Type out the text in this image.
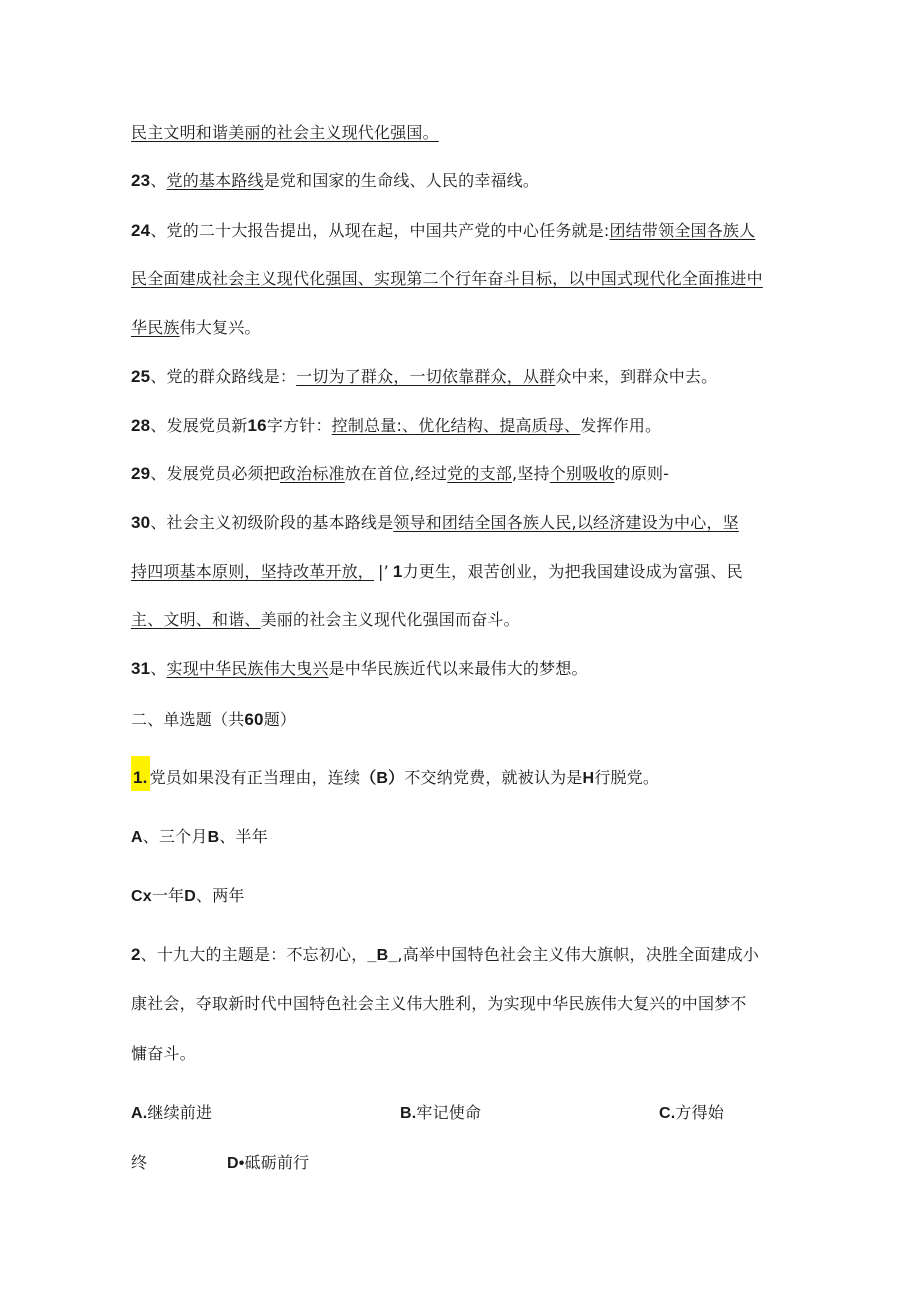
民主文明和谐美丽的社会主义现代化强国。
23、党的基本路线是党和国家的生命线、人民的幸福线。
24、党的二十大报告提出，从现在起，中国共产党的中心任务就是:团结带领全国各族人
民全面建成社会主义现代化强国、实现第二个行年奋斗目标，以中国式现代化全面推进中
华民族伟大复兴。
25、党的群众路线是：一切为了群众，一切依靠群众，从群众中来，到群众中去。
28、发展党员新16字方针：控制总量:、优化结构、提高质母、发挥作用。
29、发展党员必须把政治标准放在首位,经过党的支部,坚持个别吸收的原则-
30、社会主义初级阶段的基本路线是领导和团结全国各族人民,以经济建设为中心，坚
持四项基本原则，坚持改革开放， |’ 1力更生，艰苦创业，为把我国建设成为富强、民
主、文明、和谐、美丽的社会主义现代化强国而奋斗。
31、实现中华民族伟大曳兴是中华民族近代以来最伟大的梦想。
二、单选题（共60题）
1. 党员如果没有正当理由，连续（B）不交纳党费，就被认为是H行脱党。
A、三个月B、半年
Cx一年D、两年
2、十九大的主题是：不忘初心，_B_,高举中国特色社会主义伟大旗帜，决胜全面建成小
康社会，夺取新时代中国特色社会主义伟大胜利，为实现中华民族伟大复兴的中国梦不
慵奋斗。
A.继续前进	B.牢记使命	C.方得始
终	D•砥砺前行
